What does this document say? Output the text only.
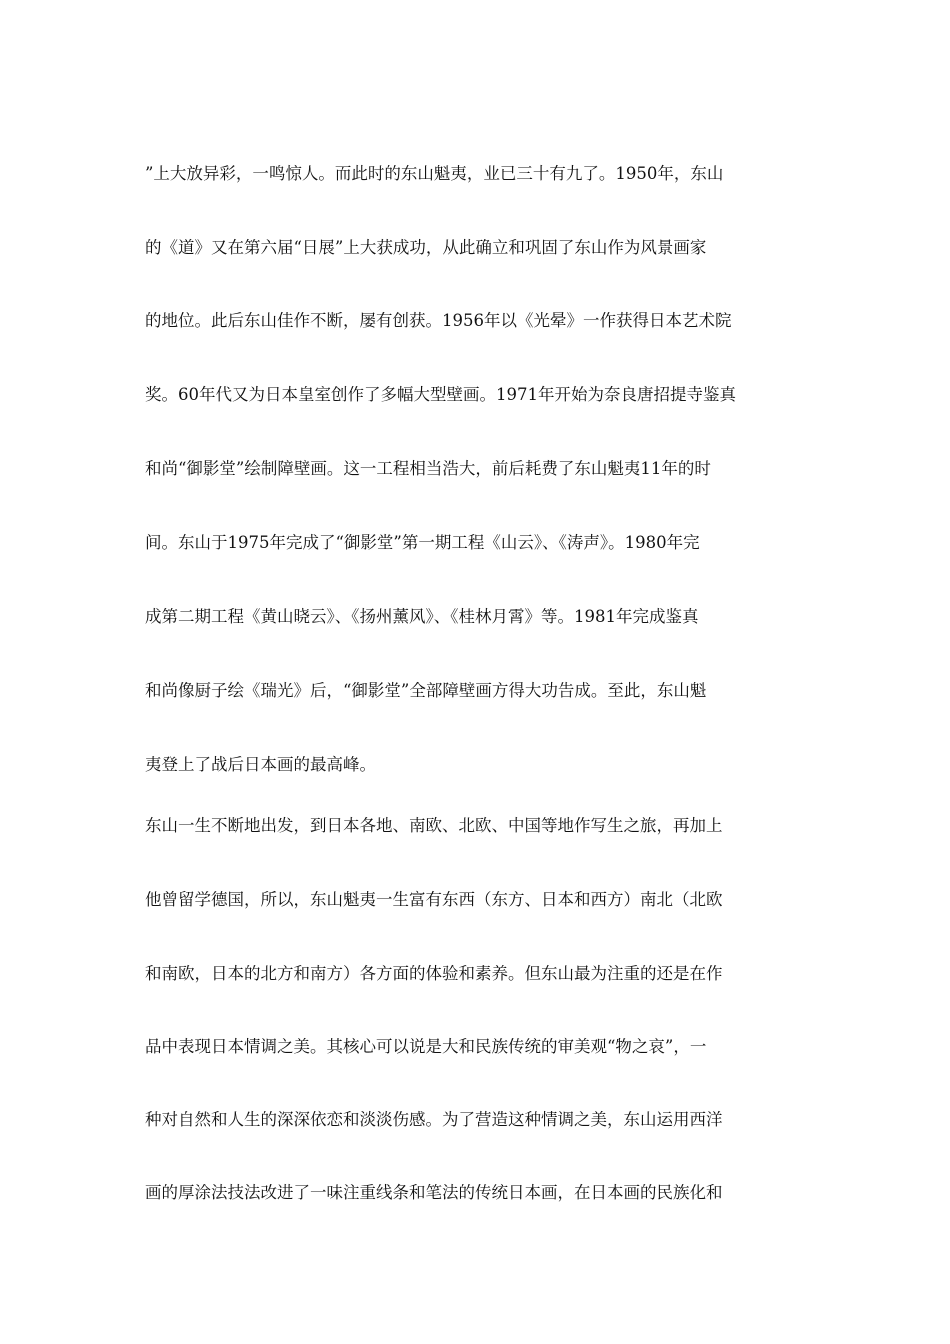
”上大放异彩，一鸣惊人。而此时的东山魁夷，业已三十有九了。1950年，东山
的《道》又在第六届“日展”上大获成功，从此确立和巩固了东山作为风景画家
的地位。此后东山佳作不断，屡有创获。1956年以《光晕》一作获得日本艺术院
奖。60年代又为日本皇室创作了多幅大型壁画。1971年开始为奈良唐招提寺鉴真
和尚“御影堂”绘制障壁画。这一工程相当浩大，前后耗费了东山魁夷11年的时
间。东山于1975年完成了“御影堂”第一期工程《山云》、《涛声》。1980年完
成第二期工程《黄山晓云》、《扬州薰风》、《桂林月霄》等。1981年完成鉴真
和尚像厨子绘《瑞光》后，“御影堂”全部障壁画方得大功告成。至此，东山魁
夷登上了战后日本画的最高峰。
东山一生不断地出发，到日本各地、南欧、北欧、中国等地作写生之旅，再加上
他曾留学德国，所以，东山魁夷一生富有东西（东方、日本和西方）南北（北欧
和南欧，日本的北方和南方）各方面的体验和素养。但东山最为注重的还是在作
品中表现日本情调之美。其核心可以说是大和民族传统的审美观“物之哀”，一
种对自然和人生的深深依恋和淡淡伤感。为了营造这种情调之美，东山运用西洋
画的厚涂法技法改进了一味注重线条和笔法的传统日本画，在日本画的民族化和
